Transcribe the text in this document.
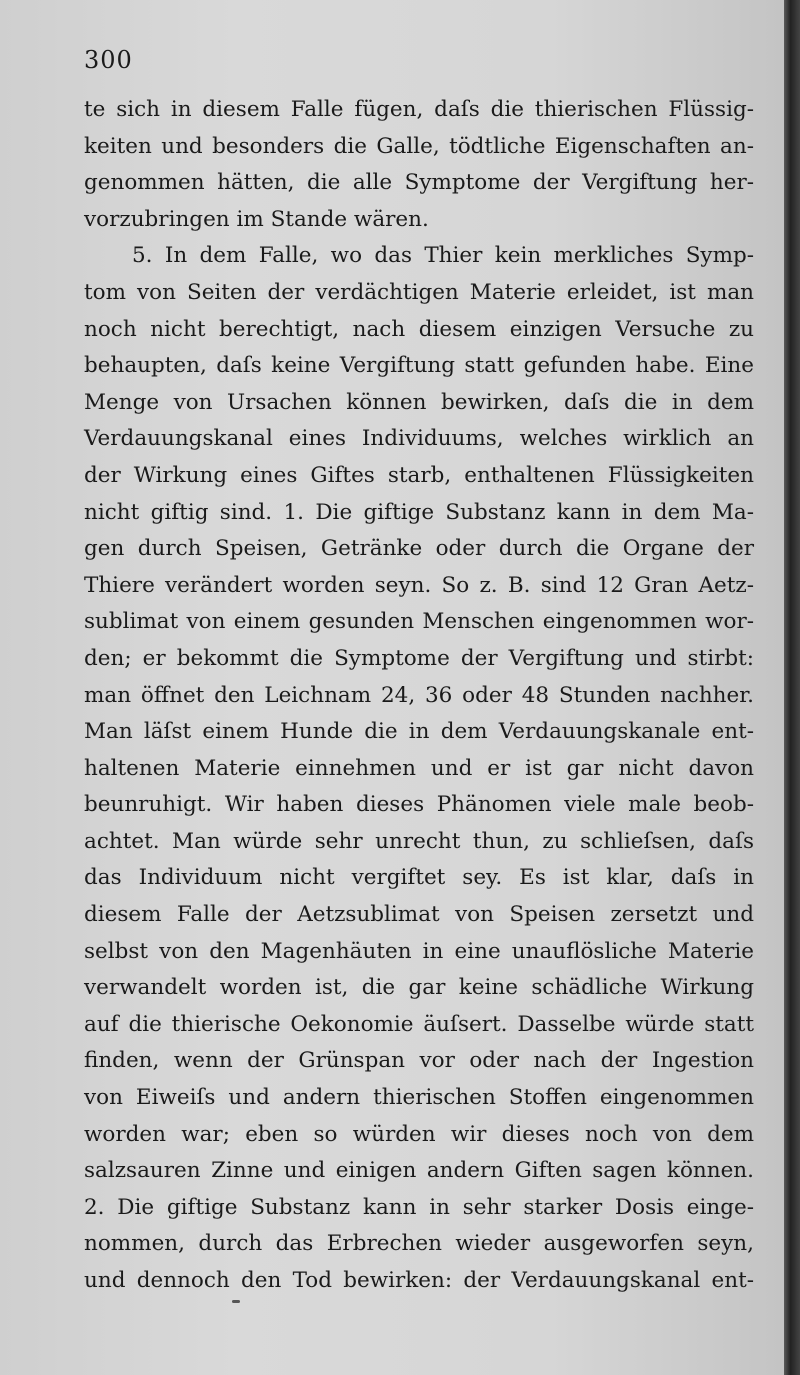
300
te sich in diesem Falle fügen, daſs die thierischen Flüssig-
keiten und besonders die Galle, tödtliche Eigenschaften an-
genommen hätten, die alle Symptome der Vergiftung her-
vorzubringen im Stande wären.
5. In dem Falle, wo das Thier kein merkliches Symp-
tom von Seiten der verdächtigen Materie erleidet, ist man
noch nicht berechtigt, nach diesem einzigen Versuche zu
behaupten, daſs keine Vergiftung statt gefunden habe. Eine
Menge von Ursachen können bewirken, daſs die in dem
Verdauungskanal eines Individuums, welches wirklich an
der Wirkung eines Giftes starb, enthaltenen Flüssigkeiten
nicht giftig sind. 1. Die giftige Substanz kann in dem Ma-
gen durch Speisen, Getränke oder durch die Organe der
Thiere verändert worden seyn. So z. B. sind 12 Gran Aetz-
sublimat von einem gesunden Menschen eingenommen wor-
den; er bekommt die Symptome der Vergiftung und stirbt:
man öffnet den Leichnam 24, 36 oder 48 Stunden nachher.
Man läſst einem Hunde die in dem Verdauungskanale ent-
haltenen Materie einnehmen und er ist gar nicht davon
beunruhigt. Wir haben dieses Phänomen viele male beob-
achtet. Man würde sehr unrecht thun, zu schlieſsen, daſs
das Individuum nicht vergiftet sey. Es ist klar, daſs in
diesem Falle der Aetzsublimat von Speisen zersetzt und
selbst von den Magenhäuten in eine unauflösliche Materie
verwandelt worden ist, die gar keine schädliche Wirkung
auf die thierische Oekonomie äuſsert. Dasselbe würde statt
finden, wenn der Grünspan vor oder nach der Ingestion
von Eiweiſs und andern thierischen Stoffen eingenommen
worden war; eben so würden wir dieses noch von dem
salzsauren Zinne und einigen andern Giften sagen können.
2. Die giftige Substanz kann in sehr starker Dosis einge-
nommen, durch das Erbrechen wieder ausgeworfen seyn,
und dennoch den Tod bewirken: der Verdauungskanal ent-
